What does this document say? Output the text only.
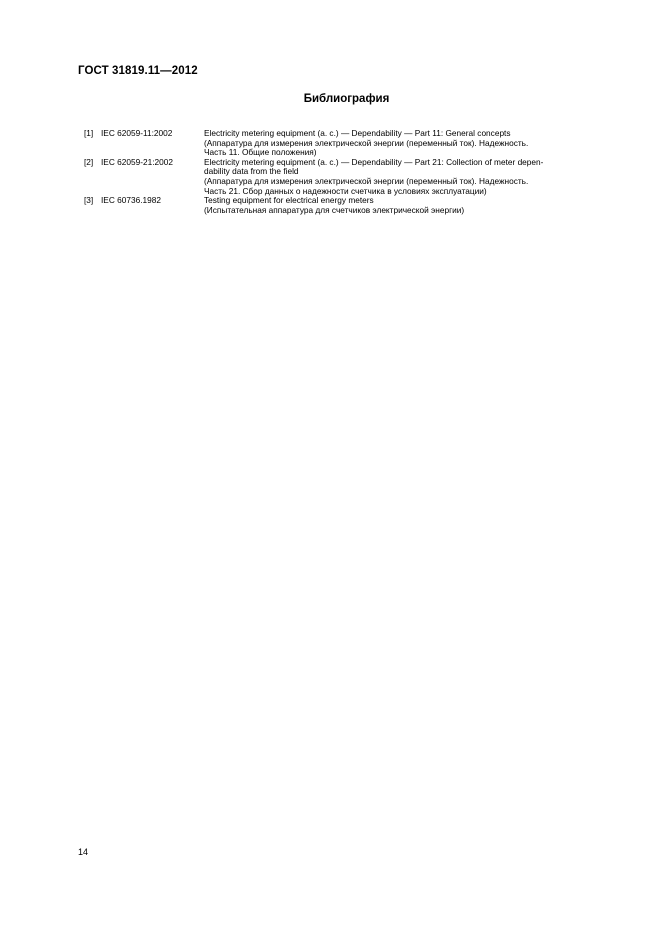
ГОСТ 31819.11—2012
Библиография
[1] IEC 62059-11:2002	Electricity metering equipment (a. c.) — Dependability — Part 11: General concepts
(Аппаратура для измерения электрической энергии (переменный ток). Надежность.
Часть 11. Общие положения)
[2] IEC 62059-21:2002	Electricity metering equipment (a. c.) — Dependability — Part 21: Collection of meter depen-
dability data from the field
(Аппаратура для измерения электрической энергии (переменный ток). Надежность.
Часть 21. Сбор данных о надежности счетчика в условиях эксплуатации)
[3] IEC 60736.1982	Testing equipment for electrical energy meters
(Испытательная аппаратура для счетчиков электрической энергии)
14
